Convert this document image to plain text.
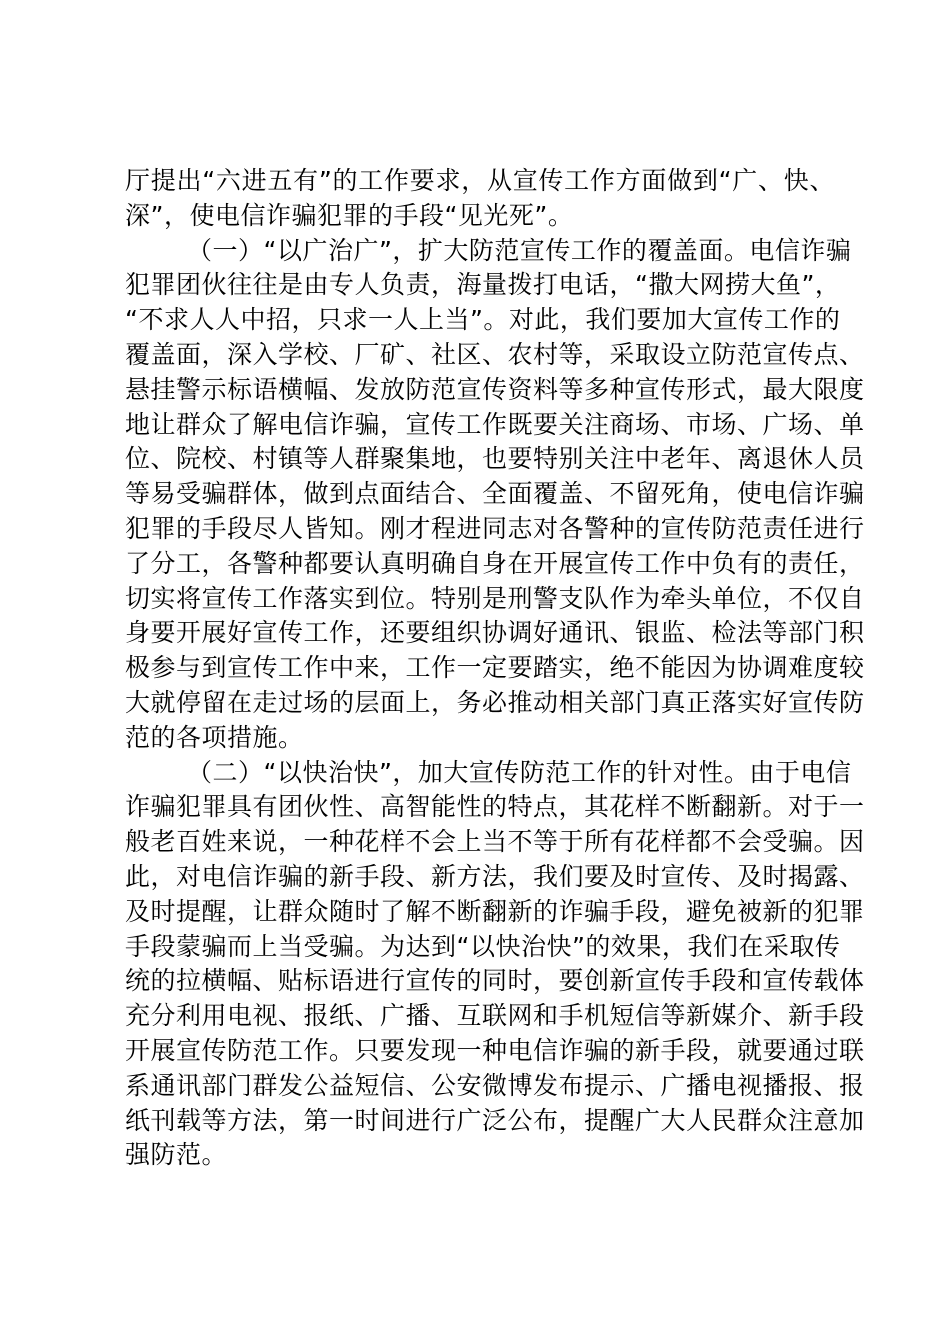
厅提出“六进五有”的工作要求，从宣传工作方面做到“广、快、
深”，使电信诈骗犯罪的手段“见光死”。
（一）“以广治广”，扩大防范宣传工作的覆盖面。电信诈骗
犯罪团伙往往是由专人负责，海量拨打电话，“撒大网捞大鱼”，
“不求人人中招，只求一人上当”。对此，我们要加大宣传工作的
覆盖面，深入学校、厂矿、社区、农村等，采取设立防范宣传点、
悬挂警示标语横幅、发放防范宣传资料等多种宣传形式，最大限度
地让群众了解电信诈骗，宣传工作既要关注商场、市场、广场、单
位、院校、村镇等人群聚集地，也要特别关注中老年、离退休人员
等易受骗群体，做到点面结合、全面覆盖、不留死角，使电信诈骗
犯罪的手段尽人皆知。刚才程进同志对各警种的宣传防范责任进行
了分工，各警种都要认真明确自身在开展宣传工作中负有的责任，
切实将宣传工作落实到位。特别是刑警支队作为牵头单位，不仅自
身要开展好宣传工作，还要组织协调好通讯、银监、检法等部门积
极参与到宣传工作中来，工作一定要踏实，绝不能因为协调难度较
大就停留在走过场的层面上，务必推动相关部门真正落实好宣传防
范的各项措施。
（二）“以快治快”，加大宣传防范工作的针对性。由于电信
诈骗犯罪具有团伙性、高智能性的特点，其花样不断翻新。对于一
般老百姓来说，一种花样不会上当不等于所有花样都不会受骗。因
此，对电信诈骗的新手段、新方法，我们要及时宣传、及时揭露、
及时提醒，让群众随时了解不断翻新的诈骗手段，避免被新的犯罪
手段蒙骗而上当受骗。为达到“以快治快”的效果，我们在采取传
统的拉横幅、贴标语进行宣传的同时，要创新宣传手段和宣传载体
充分利用电视、报纸、广播、互联网和手机短信等新媒介、新手段
开展宣传防范工作。只要发现一种电信诈骗的新手段，就要通过联
系通讯部门群发公益短信、公安微博发布提示、广播电视播报、报
纸刊载等方法，第一时间进行广泛公布，提醒广大人民群众注意加
强防范。
